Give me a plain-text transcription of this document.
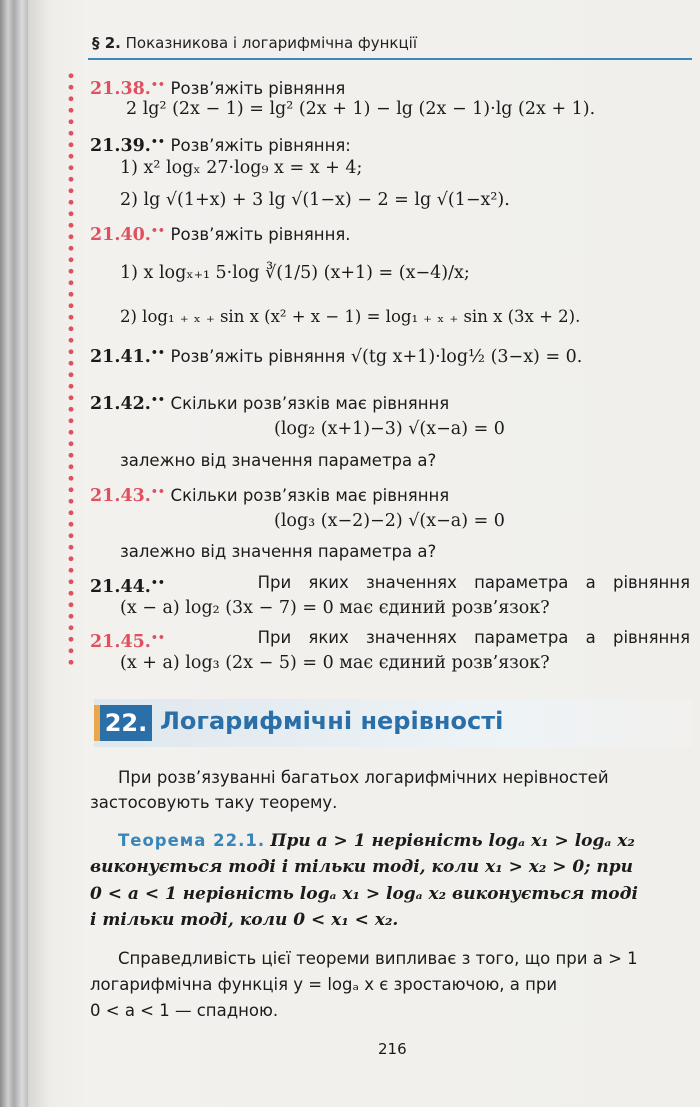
§ 2. Показникова і логарифмічна функції
21.38.•• Розв’яжіть рівняння
2 lg² (2x − 1) = lg² (2x + 1) − lg (2x − 1)·lg (2x + 1).
21.39.•• Розв’яжіть рівняння:
1) x² logₓ 27·log₉ x = x + 4;
2) lg √(1+x) + 3 lg √(1−x) − 2 = lg √(1−x²).
21.40.•• Розв’яжіть рівняння.
1) x logₓ₊₁ 5·log ∛(1/5) (x+1) = (x−4)/x;
2) log₁ ₊ ₓ ₊ sin x (x² + x − 1) = log₁ ₊ ₓ ₊ sin x (3x + 2).
21.41.•• Розв’яжіть рівняння √(tg x+1)·log½ (3−x) = 0.
21.42.•• Скільки розв’язків має рівняння
(log₂ (x+1)−3) √(x−a) = 0
залежно від значення параметра a?
21.43.•• Скільки розв’язків має рівняння
(log₃ (x−2)−2) √(x−a) = 0
залежно від значення параметра a?
21.44.••	При яких значеннях параметра a рівняння
(x − a) log₂ (3x − 7) = 0 має єдиний розв’язок?
21.45.••	При яких значеннях параметра a рівняння
(x + a) log₃ (2x − 5) = 0 має єдиний розв’язок?
22. Логарифмічні нерівності
При розв’язуванні багатьох логарифмічних нерівностей
застосовують таку теорему.
Теорема 22.1. При a > 1 нерівність logₐ x₁ > logₐ x₂
виконується тоді і тільки тоді, коли x₁ > x₂ > 0; при
0 < a < 1 нерівність logₐ x₁ > logₐ x₂ виконується тоді
і тільки тоді, коли 0 < x₁ < x₂.
Справедливість цієї теореми випливає з того, що при a > 1
логарифмічна функція y = logₐ x є зростаючою, а при
0 < a < 1 — спадною.
216
